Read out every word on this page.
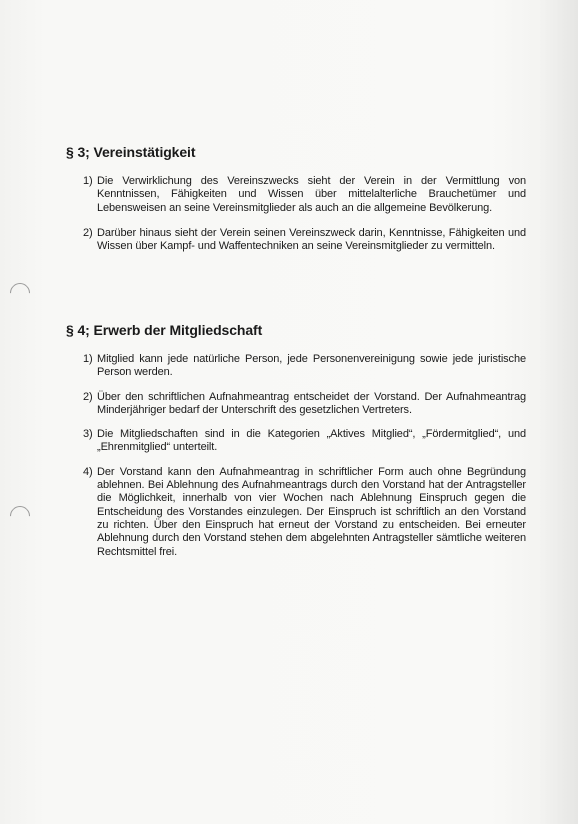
§ 3; Vereinstätigkeit
1) Die Verwirklichung des Vereinszwecks sieht der Verein in der Vermittlung von Kenntnissen, Fähigkeiten und Wissen über mittelalterliche Brauchetümer und Lebensweisen an seine Vereinsmitglieder als auch an die allgemeine Bevölkerung.
2) Darüber hinaus sieht der Verein seinen Vereinszweck darin, Kenntnisse, Fähigkeiten und Wissen über Kampf- und Waffentechniken an seine Vereinsmitglieder zu vermitteln.
§ 4; Erwerb der Mitgliedschaft
1) Mitglied kann jede natürliche Person, jede Personenvereinigung sowie jede juristische Person werden.
2) Über den schriftlichen Aufnahmeantrag entscheidet der Vorstand. Der Aufnahmeantrag Minderjähriger bedarf der Unterschrift des gesetzlichen Vertreters.
3) Die Mitgliedschaften sind in die Kategorien „Aktives Mitglied“, „Fördermitglied“, und „Ehrenmitglied“ unterteilt.
4) Der Vorstand kann den Aufnahmeantrag in schriftlicher Form auch ohne Begründung ablehnen. Bei Ablehnung des Aufnahmeantrags durch den Vorstand hat der Antragsteller die Möglichkeit, innerhalb von vier Wochen nach Ablehnung Einspruch gegen die Entscheidung des Vorstandes einzulegen. Der Einspruch ist schriftlich an den Vorstand zu richten. Über den Einspruch hat erneut der Vorstand zu entscheiden. Bei erneuter Ablehnung durch den Vorstand stehen dem abgelehnten Antragsteller sämtliche weiteren Rechtsmittel frei.
